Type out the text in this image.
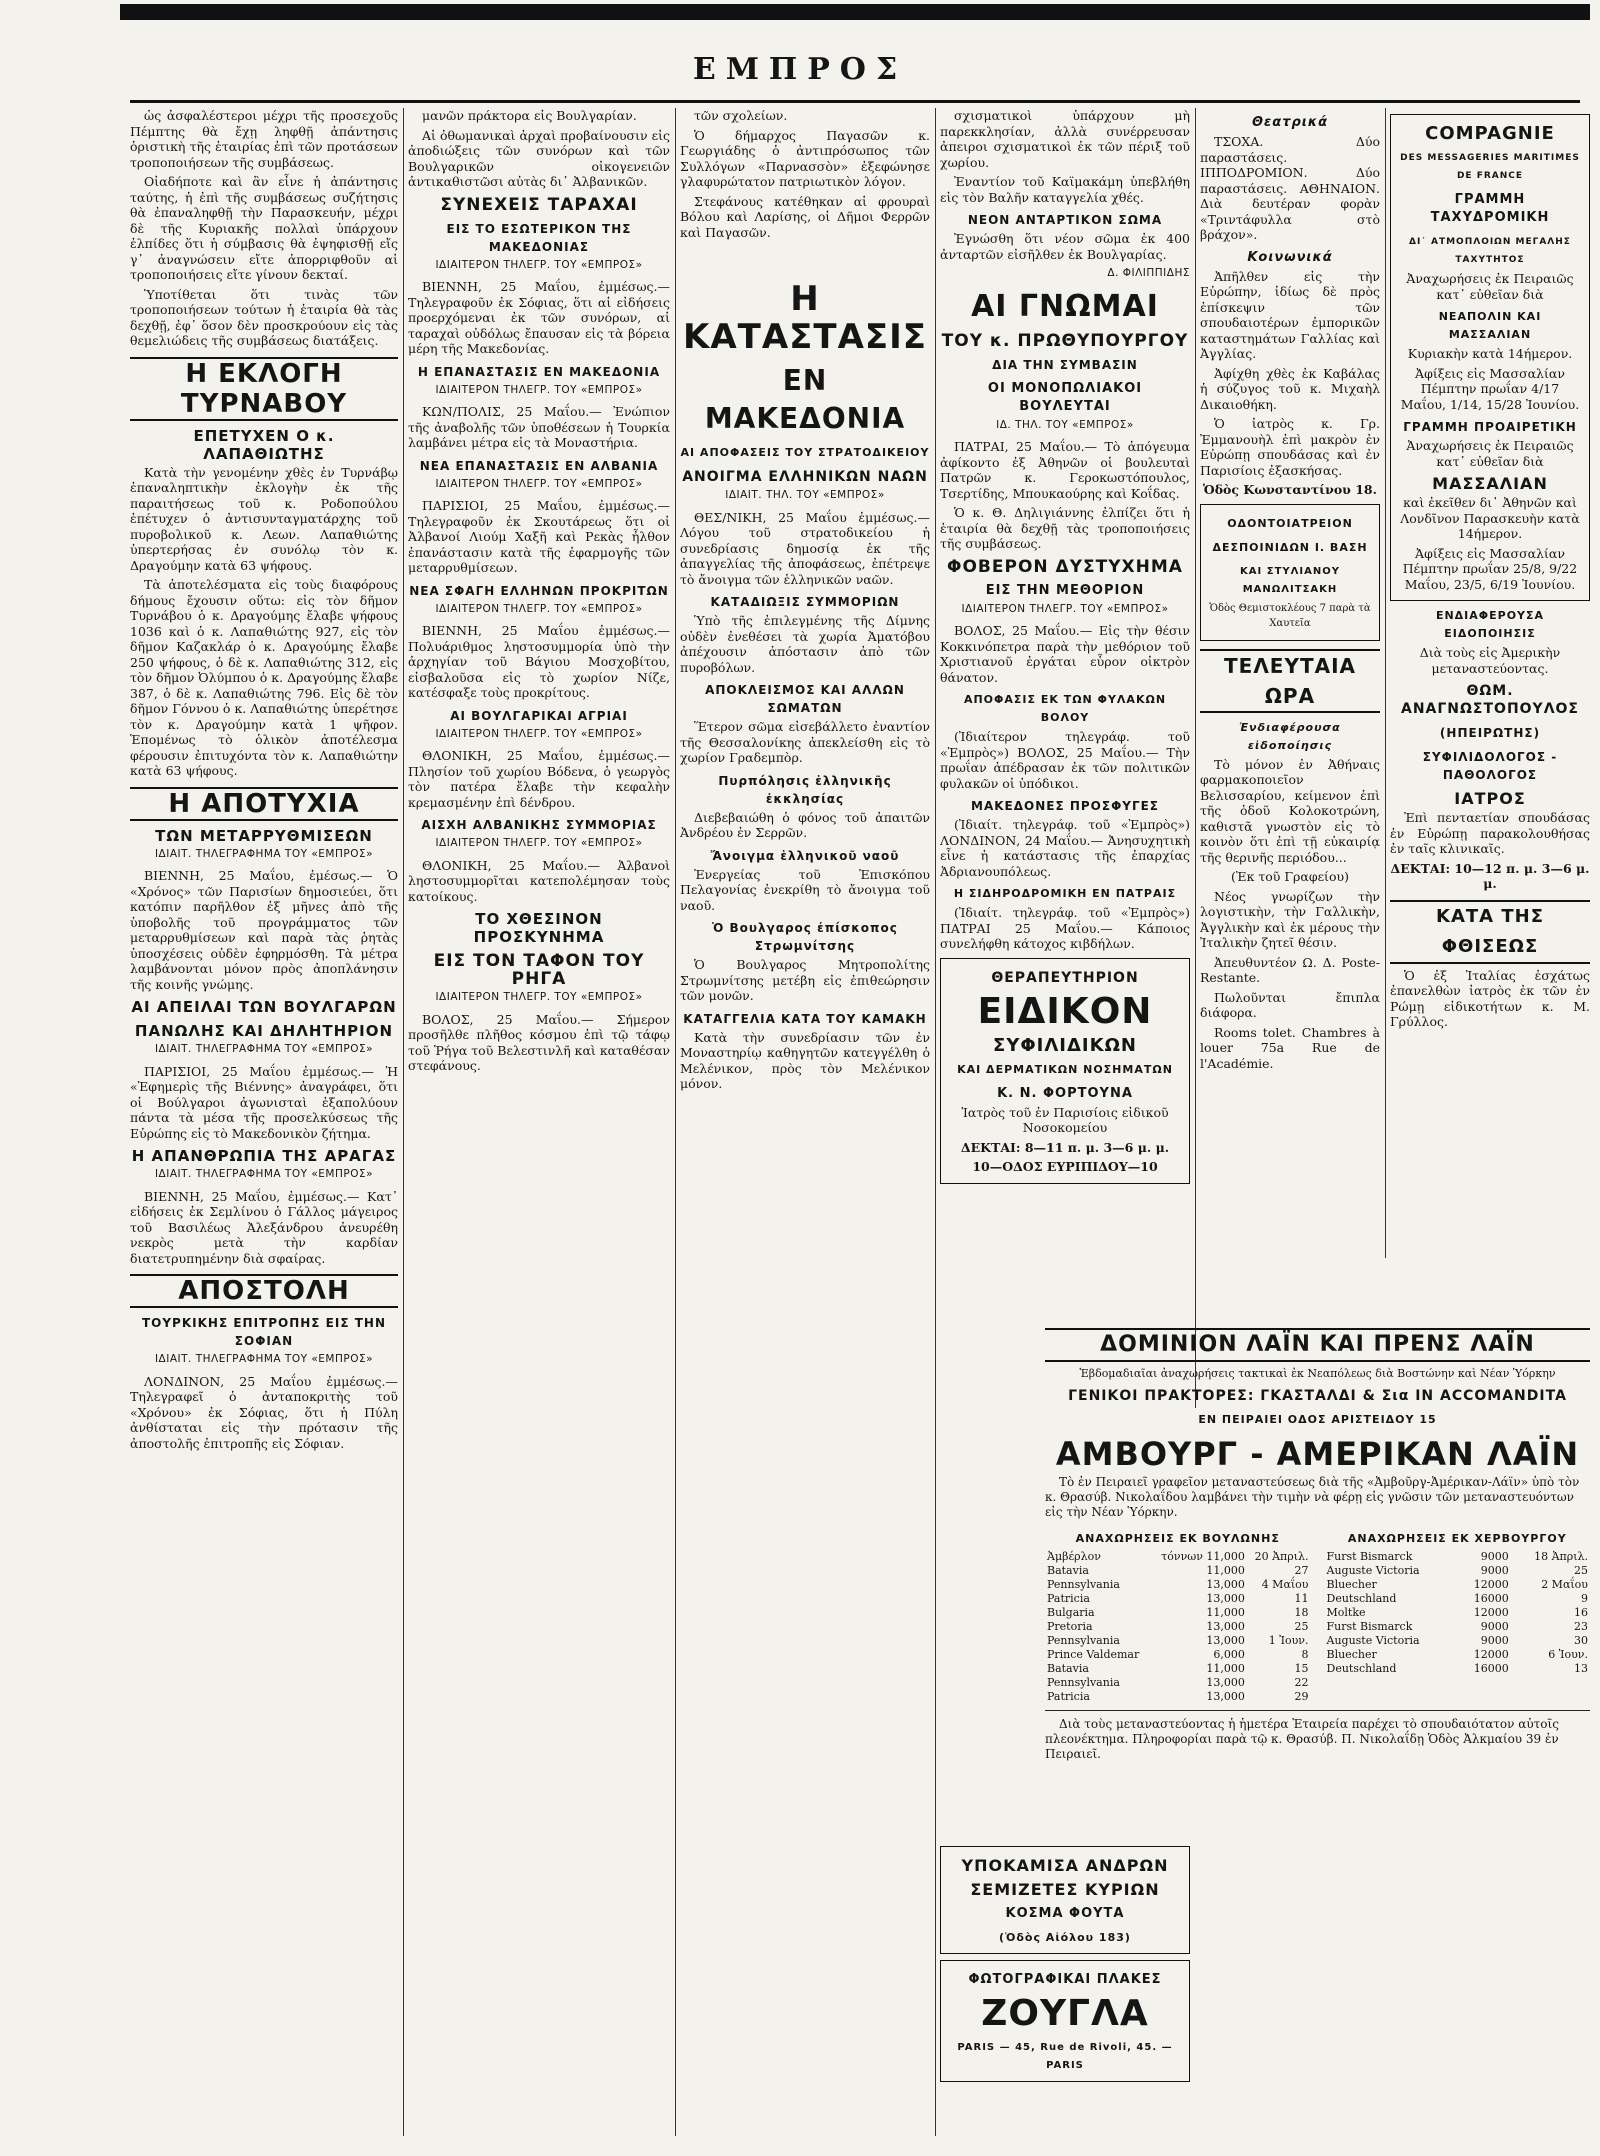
ΕΜΠΡΟΣ

ὡς ἀσφαλέστεροι μέχρι τῆς προσεχοῦς Πέμπτης θὰ ἔχῃ ληφθῇ ἀπάντησις ὁριστικὴ τῆς ἑταιρίας ἐπὶ τῶν προτάσεων τροποποιήσεων τῆς συμβάσεως.

Οἱαδήποτε καὶ ἂν εἶνε ἡ ἀπάντησις ταύτης, ἡ ἐπὶ τῆς συμβάσεως συζήτησις θὰ ἐπαναληφθῇ τὴν Παρασκευήν, μέχρι δὲ τῆς Κυριακῆς πολλαὶ ὑπάρχουν ἐλπίδες ὅτι ἡ σύμβασις θὰ ἐψηφισθῇ εἴς γ᾽ ἀναγνώσειν εἴτε ἀπορριφθοῦν αἱ τροποποιήσεις εἴτε γίνουν δεκταί.

Ὑποτίθεται ὅτι τινὰς τῶν τροποποιήσεων τούτων ἡ ἑταιρία θὰ τὰς δεχθῇ, ἐφ᾽ ὅσον δὲν προσκρούουν εἰς τὰς θεμελιώδεις τῆς συμβάσεως διατάξεις.

Η ΕΚΛΟΓΗ ΤΥΡΝΑΒΟΥ
ΕΠΕΤΥΧΕΝ Ο κ. ΛΑΠΑΘΙΩΤΗΣ

Κατὰ τὴν γενομένην χθὲς ἐν Τυρνάβῳ ἐπαναληπτικὴν ἐκλογὴν ἐκ τῆς παραιτήσεως τοῦ κ. Ροδοπούλου ἐπέτυχεν ὁ ἀντισυνταγματάρχης τοῦ πυροβολικοῦ κ. Λεων. Λαπαθιώτης ὑπερτερήσας ἐν συνόλῳ τὸν κ. Δραγούμην κατὰ 63 ψήφους.

Τὰ ἀποτελέσματα εἰς τοὺς διαφόρους δήμους ἔχουσιν οὕτω: εἰς τὸν δῆμον Τυρνάβου ὁ κ. Δραγούμης ἔλαβε ψήφους 1036 καὶ ὁ κ. Λαπαθιώτης 927, εἰς τὸν δῆμον Καζακλάρ ὁ κ. Δραγούμης ἔλαβε 250 ψήφους, ὁ δὲ κ. Λαπαθιώτης 312, εἰς τὸν δῆμον Ὀλύμπου ὁ κ. Δραγούμης ἔλαβε 387, ὁ δὲ κ. Λαπαθιώτης 796. Εἰς δὲ τὸν δῆμον Γόννου ὁ κ. Λαπαθιώτης ὑπερέτησε τὸν κ. Δραγούμην κατὰ 1 ψῆφον. Ἑπομένως τὸ ὁλικὸν ἀποτέλεσμα φέρουσιν ἐπιτυχόντα τὸν κ. Λαπαθιώτην κατὰ 63 ψήφους.

Η ΑΠΟΤΥΧΙΑ
ΤΩΝ ΜΕΤΑΡΡΥΘΜΙΣΕΩΝ
ΙΔΙΑΙΤ. ΤΗΛΕΓΡΑΦΗΜΑ ΤΟΥ «ΕΜΠΡΟΣ»

ΒΙΕΝΝΗ, 25 Μαΐου, ἐμέσως.— Ὁ «Χρόνος» τῶν Παρισίων δημοσιεύει, ὅτι κατόπιν παρῆλθον ἐξ μῆνες ἀπὸ τῆς ὑποβολῆς τοῦ προγράμματος τῶν μεταρρυθμίσεων καὶ παρὰ τὰς ῥητὰς ὑποσχέσεις οὐδὲν ἐφηρμόσθη. Τὰ μέτρα λαμβάνονται μόνον πρὸς ἀποπλάνησιν τῆς κοινῆς γνώμης.

ΑΙ ΑΠΕΙΛΑΙ ΤΩΝ ΒΟΥΛΓΑΡΩΝ
ΠΑΝΩΛΗΣ ΚΑΙ ΔΗΛΗΤΗΡΙΟΝ
ΙΔΙΑΙΤ. ΤΗΛΕΓΡΑΦΗΜΑ ΤΟΥ «ΕΜΠΡΟΣ»

ΠΑΡΙΣΙΟΙ, 25 Μαΐου ἐμμέσως.— Ἡ «Ἐφημερὶς τῆς Βιέννης» ἀναγράφει, ὅτι οἱ Βούλγαροι ἀγωνισταὶ ἐξαπολύουν πάντα τὰ μέσα τῆς προσελκύσεως τῆς Εὐρώπης εἰς τὸ Μακεδονικὸν ζήτημα.

Η ΑΠΑΝΘΡΩΠΙΑ ΤΗΣ ΑΡΑΓΑΣ
ΙΔΙΑΙΤ. ΤΗΛΕΓΡΑΦΗΜΑ ΤΟΥ «ΕΜΠΡΟΣ»

ΒΙΕΝΝΗ, 25 Μαΐου, ἐμμέσως.— Κατ᾽ εἰδήσεις ἐκ Σεμλίνου ὁ Γάλλος μάγειρος τοῦ Βασιλέως Ἀλεξάνδρου ἀνευρέθη νεκρὸς μετὰ τὴν καρδίαν διατετρυπημένην διὰ σφαίρας.

ΑΠΟΣΤΟΛΗ
ΤΟΥΡΚΙΚΗΣ ΕΠΙΤΡΟΠΗΣ ΕΙΣ ΤΗΝ ΣΟΦΙΑΝ
ΙΔΙΑΙΤ. ΤΗΛΕΓΡΑΦΗΜΑ ΤΟΥ «ΕΜΠΡΟΣ»

ΛΟΝΔΙΝΟΝ, 25 Μαΐου ἐμμέσως.— Τηλεγραφεῖ ὁ ἀνταποκριτὴς τοῦ «Χρόνου» ἐκ Σόφιας, ὅτι ἡ Πύλη ἀνθίσταται εἰς τὴν πρότασιν τῆς ἀποστολῆς ἐπιτροπῆς εἰς Σόφιαν.

μανῶν πράκτορα εἰς Βουλγαρίαν.

Αἱ ὀθωμανικαὶ ἀρχαὶ προβαίνουσιν εἰς ἀποδιώξεις τῶν συνόρων καὶ τῶν Βουλγαρικῶν οἰκογενειῶν ἀντικαθιστῶσι αὐτὰς δι᾽ Ἀλβανικῶν.

ΣΥΝΕΧΕΙΣ ΤΑΡΑΧΑΙ
ΕΙΣ ΤΟ ΕΣΩΤΕΡΙΚΟΝ ΤΗΣ ΜΑΚΕΔΟΝΙΑΣ
ΙΔΙΑΙΤΕΡΟΝ ΤΗΛΕΓΡ. ΤΟΥ «ΕΜΠΡΟΣ»

ΒΙΕΝΝΗ, 25 Μαΐου, ἐμμέσως.— Τηλεγραφοῦν ἐκ Σόφιας, ὅτι αἱ εἰδήσεις προερχόμεναι ἐκ τῶν συνόρων, αἱ ταραχαὶ οὐδόλως ἔπαυσαν εἰς τὰ βόρεια μέρη τῆς Μακεδονίας.

Η ΕΠΑΝΑΣΤΑΣΙΣ ΕΝ ΜΑΚΕΔΟΝΙΑ
ΙΔΙΑΙΤΕΡΟΝ ΤΗΛΕΓΡ. ΤΟΥ «ΕΜΠΡΟΣ»

ΚΩΝ/ΠΟΛΙΣ, 25 Μαΐου.— Ἐνώπιον τῆς ἀναβολῆς τῶν ὑποθέσεων ἡ Τουρκία λαμβάνει μέτρα εἰς τὰ Μοναστήρια.

ΝΕΑ ΕΠΑΝΑΣΤΑΣΙΣ ΕΝ ΑΛΒΑΝΙΑ
ΙΔΙΑΙΤΕΡΟΝ ΤΗΛΕΓΡ. ΤΟΥ «ΕΜΠΡΟΣ»

ΠΑΡΙΣΙΟΙ, 25 Μαΐου, ἐμμέσως.— Τηλεγραφοῦν ἐκ Σκουτάρεως ὅτι οἱ Ἀλβανοί Λιούμ Χαξῆ καὶ Ρεκὰς ἦλθον ἐπανάστασιν κατὰ τῆς ἐφαρμογῆς τῶν μεταρρυθμίσεων.

ΝΕΑ ΣΦΑΓΗ ΕΛΛΗΝΩΝ ΠΡΟΚΡΙΤΩΝ
ΙΔΙΑΙΤΕΡΟΝ ΤΗΛΕΓΡ. ΤΟΥ «ΕΜΠΡΟΣ»

ΒΙΕΝΝΗ, 25 Μαΐου ἐμμέσως.— Πολυάριθμος ληστοσυμμορία ὑπὸ τὴν ἀρχηγίαν τοῦ Βάγιου Μοσχοβίτου, εἰσβαλοῦσα εἰς τὸ χωρίον Νίζε, κατέσφαξε τοὺς προκρίτους.

ΑΙ ΒΟΥΛΓΑΡΙΚΑΙ ΑΓΡΙΑΙ
ΙΔΙΑΙΤΕΡΟΝ ΤΗΛΕΓΡ. ΤΟΥ «ΕΜΠΡΟΣ»

ΘΛΟΝΙΚΗ, 25 Μαΐου, ἐμμέσως.— Πλησίον τοῦ χωρίου Βόδενα, ὁ γεωργὸς τὸν πατέρα ἔλαβε τὴν κεφαλὴν κρεμασμένην ἐπὶ δένδρου.

ΑΙΣΧΗ ΑΛΒΑΝΙΚΗΣ ΣΥΜΜΟΡΙΑΣ
ΙΔΙΑΙΤΕΡΟΝ ΤΗΛΕΓΡ. ΤΟΥ «ΕΜΠΡΟΣ»

ΘΛΟΝΙΚΗ, 25 Μαΐου.— Ἀλβανοὶ ληστοσυμμορῖται κατεπολέμησαν τοὺς κατοίκους.

ΤΟ ΧΘΕΣΙΝΟΝ ΠΡΟΣΚΥΝΗΜΑ
ΕΙΣ ΤΟΝ ΤΑΦΟΝ ΤΟΥ ΡΗΓΑ
ΙΔΙΑΙΤΕΡΟΝ ΤΗΛΕΓΡ. ΤΟΥ «ΕΜΠΡΟΣ»

ΒΟΛΟΣ, 25 Μαΐου.— Σήμερον προσῆλθε πλῆθος κόσμου ἐπὶ τῷ τάφῳ τοῦ Ῥήγα τοῦ Βελεστινλῆ καὶ καταθέσαν στεφάνους.

τῶν σχολείων.

Ὁ δήμαρχος Παγασῶν κ. Γεωργιάδης ὁ ἀντιπρόσωπος τῶν Συλλόγων «Παρνασσὸν» ἐξεφώνησε γλαφυρώτατον πατριωτικὸν λόγον.

Στεφάνους κατέθηκαν αἱ φρουραὶ Βόλου καὶ Λαρίσης, οἱ Δῆμοι Φερρῶν καὶ Παγασῶν.

Η ΚΑΤΑΣΤΑΣΙΣ
ΕΝ ΜΑΚΕΔΟΝΙΑ
ΑΙ ΑΠΟΦΑΣΕΙΣ ΤΟΥ ΣΤΡΑΤΟΔΙΚΕΙΟΥ
ΑΝΟΙΓΜΑ ΕΛΛΗΝΙΚΩΝ ΝΑΩΝ
ΙΔΙΑΙΤ. ΤΗΛ. ΤΟΥ «ΕΜΠΡΟΣ»

ΘΕΣ/ΝΙΚΗ, 25 Μαΐου ἐμμέσως.— Λόγου τοῦ στρατοδικείου ἡ συνεδρίασις δημοσίᾳ ἐκ τῆς ἀπαγγελίας τῆς ἀποφάσεως, ἐπέτρεψε τὸ ἄνοιγμα τῶν ἑλληνικῶν ναῶν.

ΚΑΤΑΔΙΩΞΙΣ ΣΥΜΜΟΡΙΩΝ

Ὑπὸ τῆς ἐπιλεγμένης τῆς Δίμνης οὐδὲν ἐνεθέσει τὰ χωρία Ἀματόβου ἀπέχουσιν ἀπόστασιν ἀπὸ τῶν πυροβόλων.

ΑΠΟΚΛΕΙΣΜΟΣ ΚΑΙ ΑΛΛΩΝ ΣΩΜΑΤΩΝ

Ἕτερον σῶμα εἰσεβάλλετο ἐναντίον τῆς Θεσσαλονίκης ἀπεκλείσθη εἰς τὸ χωρίον Γραδεμπὸρ.

Πυρπόλησις ἑλληνικῆς ἐκκλησίας

Διεβεβαιώθη ὁ φόνος τοῦ ἀπαιτῶν Ἀνδρέου ἐν Σερρῶν.

Ἄνοιγμα ἑλληνικοῦ ναοῦ

Ἐνεργείας τοῦ Ἐπισκόπου Πελαγονίας ἐνεκρίθη τὸ ἄνοιγμα τοῦ ναοῦ.

Ὁ Βουλγαρος ἐπίσκοπος Στρωμνίτσης

Ὁ Βουλγαρος Μητροπολίτης Στρωμνίτσης μετέβη εἰς ἐπιθεώρησιν τῶν μονῶν.

ΚΑΤΑΓΓΕΛΙΑ ΚΑΤΑ ΤΟΥ ΚΑΜΑΚΗ

Κατὰ τὴν συνεδρίασιν τῶν ἐν Μοναστηρίῳ καθηγητῶν κατεγγέλθη ὁ Μελένικον, πρὸς τὸν Μελένικον μόνον.

σχισματικοὶ ὑπάρχουν μὴ παρεκκλησίαν, ἀλλὰ συνέρρευσαν ἀπειροι σχισματικοὶ ἐκ τῶν πέριξ τοῦ χωρίου.

Ἐναντίον τοῦ Καϊμακάμη ὑπεβλήθη εἰς τὸν Βαλῆν καταγγελία χθές.

ΝΕΟΝ ΑΝΤΑΡΤΙΚΟΝ ΣΩΜΑ

Ἐγνώσθη ὅτι νέον σῶμα ἐκ 400 ἀνταρτῶν εἰσῆλθεν ἐκ Βουλγαρίας.

Δ. ΦΙΛΙΠΠΙΔΗΣ
ΑΙ ΓΝΩΜΑΙ
ΤΟΥ κ. ΠΡΩΘΥΠΟΥΡΓΟΥ
ΔΙΑ ΤΗΝ ΣΥΜΒΑΣΙΝ
ΟΙ ΜΟΝΟΠΩΛΙΑΚΟΙ ΒΟΥΛΕΥΤΑΙ
ΙΔ. ΤΗΛ. ΤΟΥ «ΕΜΠΡΟΣ»

ΠΑΤΡΑΙ, 25 Μαΐου.— Τὸ ἀπόγευμα ἀφίκοντο ἐξ Ἀθηνῶν οἱ βουλευταὶ Πατρῶν κ. Γεροκωστόπουλος, Τσερτίδης, Μπουκαούρης καὶ Κοΐδας.

Ὁ κ. Θ. Δηλιγιάννης ἐλπίζει ὅτι ἡ ἑταιρία θὰ δεχθῇ τὰς τροποποιήσεις τῆς συμβάσεως.

ΦΟΒΕΡΟΝ ΔΥΣΤΥΧΗΜΑ
ΕΙΣ ΤΗΝ ΜΕΘΟΡΙΟΝ
ΙΔΙΑΙΤΕΡΟΝ ΤΗΛΕΓΡ. ΤΟΥ «ΕΜΠΡΟΣ»

ΒΟΛΟΣ, 25 Μαΐου.— Εἰς τὴν θέσιν Κοκκινόπετρα παρὰ τὴν μεθόριον τοῦ Χριστιανοῦ ἐργάται εὗρον οἰκτρὸν θάνατον.

ΑΠΟΦΑΣΙΣ ΕΚ ΤΩΝ ΦΥΛΑΚΩΝ ΒΟΛΟΥ

(Ἰδιαίτερον τηλεγράφ. τοῦ «Ἐμπρὸς») ΒΟΛΟΣ, 25 Μαΐου.— Τὴν πρωΐαν ἀπέδρασαν ἐκ τῶν πολιτικῶν φυλακῶν οἱ ὑπόδικοι.

ΜΑΚΕΔΟΝΕΣ ΠΡΟΣΦΥΓΕΣ

(Ἰδιαίτ. τηλεγράφ. τοῦ «Ἐμπρὸς») ΛΟΝΔΙΝΟΝ, 24 Μαΐου.— Ἀνησυχητικὴ εἶνε ἡ κατάστασις τῆς ἐπαρχίας Ἀδριανουπόλεως.

Η ΣΙΔΗΡΟΔΡΟΜΙΚΗ ΕΝ ΠΑΤΡΑΙΣ

(Ἰδιαίτ. τηλεγράφ. τοῦ «Ἐμπρὸς») ΠΑΤΡΑΙ 25 Μαΐου.— Κάποιος συνελήφθη κάτοχος κιβδήλων.

ΘΕΡΑΠΕΥΤΗΡΙΟΝ
ΕΙΔΙΚΟΝ
ΣΥΦΙΛΙΔΙΚΩΝ
ΚΑΙ ΔΕΡΜΑΤΙΚΩΝ ΝΟΣΗΜΑΤΩΝ
Κ. Ν. ΦΟΡΤΟΥΝΑ

Ἰατρὸς τοῦ ἐν Παρισίοις εἰδικοῦ Νοσοκομείου

ΔΕΚΤΑΙ: 8—11 π. μ. 3—6 μ. μ.

10—ΟΔΟΣ ΕΥΡΙΠΙΔΟΥ—10

Θεατρικά

ΤΣΟΧΑ. Δύο παραστάσεις. ΙΠΠΟΔΡΟΜΙΟΝ. Δύο παραστάσεις. ΑΘΗΝΑΙΟΝ. Διὰ δευτέραν φορὰν «Τριντάφυλλα στὸ βράχον».

Κοινωνικά

Ἀπῆλθεν εἰς τὴν Εὐρώπην, ἰδίως δὲ πρὸς ἐπίσκεψιν τῶν σπουδαιοτέρων ἐμπορικῶν καταστημάτων Γαλλίας καὶ Ἀγγλίας.

Ἀφίχθη χθὲς ἐκ Καβάλας ἡ σύζυγος τοῦ κ. Μιχαὴλ Δικαιοθήκη.

Ὁ ἰατρὸς κ. Γρ. Ἐμμανουὴλ ἐπὶ μακρὸν ἐν Εὐρώπῃ σπουδάσας καὶ ἐν Παρισίοις ἐξασκήσας.

Ὁδὸς Κωνσταντίνου 18.

ΟΔΟΝΤΟΙΑΤΡΕΙΟΝ
ΔΕΣΠΟΙΝΙΔΩΝ Ι. ΒΑΣΗ
ΚΑΙ ΣΤΥΛΙΑΝΟΥ ΜΑΝΩΛΙΤΣΑΚΗ

Ὁδὸς Θεμιστοκλέους 7 παρὰ τὰ Χαυτεῖα

ΤΕΛΕΥΤΑΙΑ ΩΡΑ
Ἐνδιαφέρουσα εἰδοποίησις

Τὸ μόνον ἐν Ἀθήναις φαρμακοποιεῖον Βελισσαρίου, κείμενον ἐπὶ τῆς ὁδοῦ Κολοκοτρώνη, καθιστᾶ γνωστὸν εἰς τὸ κοινὸν ὅτι ἐπὶ τῇ εὐκαιρίᾳ τῆς θερινῆς περιόδου...

(Ἐκ τοῦ Γραφείου)

Νέος γνωρίζων τὴν λογιστικὴν, τὴν Γαλλικὴν, Ἀγγλικὴν καὶ ἐκ μέρους τὴν Ἰταλικὴν ζητεῖ θέσιν.

Ἀπευθυντέον Ω. Δ. Poste-Restante.

Πωλοῦνται ἔπιπλα διάφορα.

Rooms tolet. Chambres à louer 75a Rue de l'Académie.

COMPAGNIE
DES MESSAGERIES MARITIMES DE FRANCE
ΓΡΑΜΜΗ ΤΑΧΥΔΡΟΜΙΚΗ
ΔΙ᾽ ΑΤΜΟΠΛΟΙΩΝ ΜΕΓΑΛΗΣ ΤΑΧΥΤΗΤΟΣ

Ἀναχωρήσεις ἐκ Πειραιῶς κατ᾽ εὐθεῖαν διὰ

ΝΕΑΠΟΛΙΝ ΚΑΙ ΜΑΣΣΑΛΙΑΝ

Κυριακὴν κατὰ 14ήμερον.

Ἀφίξεις εἰς Μασσαλίαν Πέμπτην πρωΐαν 4/17 Μαΐου, 1/14, 15/28 Ἰουνίου.

ΓΡΑΜΜΗ ΠΡΟΑΙΡΕΤΙΚΗ

Ἀναχωρήσεις ἐκ Πειραιῶς κατ᾽ εὐθεῖαν διὰ

ΜΑΣΣΑΛΙΑΝ

καὶ ἐκεῖθεν δι᾽ Ἀθηνῶν καὶ Λονδῖνον Παρασκευὴν κατὰ 14ήμερον.

Ἀφίξεις εἰς Μασσαλίαν Πέμπτην πρωΐαν 25/8, 9/22 Μαΐου, 23/5, 6/19 Ἰουνίου.

ΕΝΔΙΑΦΕΡΟΥΣΑ ΕΙΔΟΠΟΙΗΣΙΣ

Διὰ τοὺς εἰς Ἀμερικὴν μεταναστεύοντας.

ΘΩΜ. ΑΝΑΓΝΩΣΤΟΠΟΥΛΟΣ
(ΗΠΕΙΡΩΤΗΣ)
ΣΥΦΙΛΙΔΟΛΟΓΟΣ - ΠΑΘΟΛΟΓΟΣ
ΙΑΤΡΟΣ

Ἐπὶ πενταετίαν σπουδάσας ἐν Εὐρώπῃ παρακολουθήσας ἐν ταῖς κλινικαῖς.

ΔΕΚΤΑΙ: 10—12 π. μ. 3—6 μ. μ.

ΚΑΤΑ ΤΗΣ ΦΘΙΣΕΩΣ

Ὁ ἐξ Ἰταλίας ἐσχάτως ἐπανελθὼν ἰατρὸς ἐκ τῶν ἐν Ρώμῃ εἰδικοτήτων κ. Μ. Γρύλλος.

ΔΟΜΙΝΙΟΝ ΛΑΪΝ ΚΑΙ ΠΡΕΝΣ ΛΑΪΝ

Ἑβδομαδιαῖαι ἀναχωρήσεις τακτικαὶ ἐκ Νεαπόλεως διὰ Βοστώνην καὶ Νέαν Ὑόρκην

ΓΕΝΙΚΟΙ ΠΡΑΚΤΟΡΕΣ: ΓΚΑΣΤΑΛΔΙ & Σια ΙΝ ACCOMANDITA
ΕΝ ΠΕΙΡΑΙΕΙ ΟΔΟΣ ΑΡΙΣΤΕΙΔΟΥ 15
ΑΜΒΟΥΡΓ - ΑΜΕΡΙΚΑΝ ΛΑΪΝ

Τὸ ἐν Πειραιεῖ γραφεῖον μεταναστεύσεως διὰ τῆς «Ἀμβοῦργ-Ἀμέρικαν-Λάϊν» ὑπὸ τὸν κ. Θρασύβ. Νικολαΐδου λαμβάνει τὴν τιμὴν νὰ φέρῃ εἰς γνῶσιν τῶν μεταναστευόντων εἰς τὴν Νέαν Ὑόρκην.

ΑΝΑΧΩΡΗΣΕΙΣ ΕΚ ΒΟΥΛΩΝΗΣ
Ἀμβέρλον	τόννων 11,000	20 Ἀπριλ.
Batavia	11,000	27
Pennsylvania	13,000	4 Μαΐου
Patricia	13,000	11
Bulgaria	11,000	18
Pretoria	13,000	25
Pennsylvania	13,000	1 Ἰουν.
Prince Valdemar	6,000	8
Batavia	11,000	15
Pennsylvania	13,000	22
Patricia	13,000	29
ΑΝΑΧΩΡΗΣΕΙΣ ΕΚ ΧΕΡΒΟΥΡΓΟΥ
Furst Bismarck	9000	18 Ἀπριλ.
Auguste Victoria	9000	25
Bluecher	12000	2 Μαΐου
Deutschland	16000	9
Moltke	12000	16
Furst Bismarck	9000	23
Auguste Victoria	9000	30
Bluecher	12000	6 Ἰουν.
Deutschland	16000	13

Διὰ τοὺς μεταναστεύοντας ἡ ἡμετέρα Ἑταιρεία παρέχει τὸ σπουδαιότατον αὐτοῖς πλεονέκτημα. Πληροφορίαι παρὰ τῷ κ. Θρασύβ. Π. Νικολαΐδῃ Ὁδὸς Ἀλκμαίου 39 ἐν Πειραιεῖ.

ΥΠΟΚΑΜΙΣΑ ΑΝΔΡΩΝ
ΣΕΜΙΖΕΤΕΣ ΚΥΡΙΩΝ
ΚΟΣΜΑ ΦΟΥΤΑ
(Ὁδὸς Αἰόλου 183)
ΦΩΤΟΓΡΑΦΙΚΑΙ ΠΛΑΚΕΣ
ΖΟΥΓΛΑ
PARIS — 45, Rue de Rivoli, 45. — PARIS
